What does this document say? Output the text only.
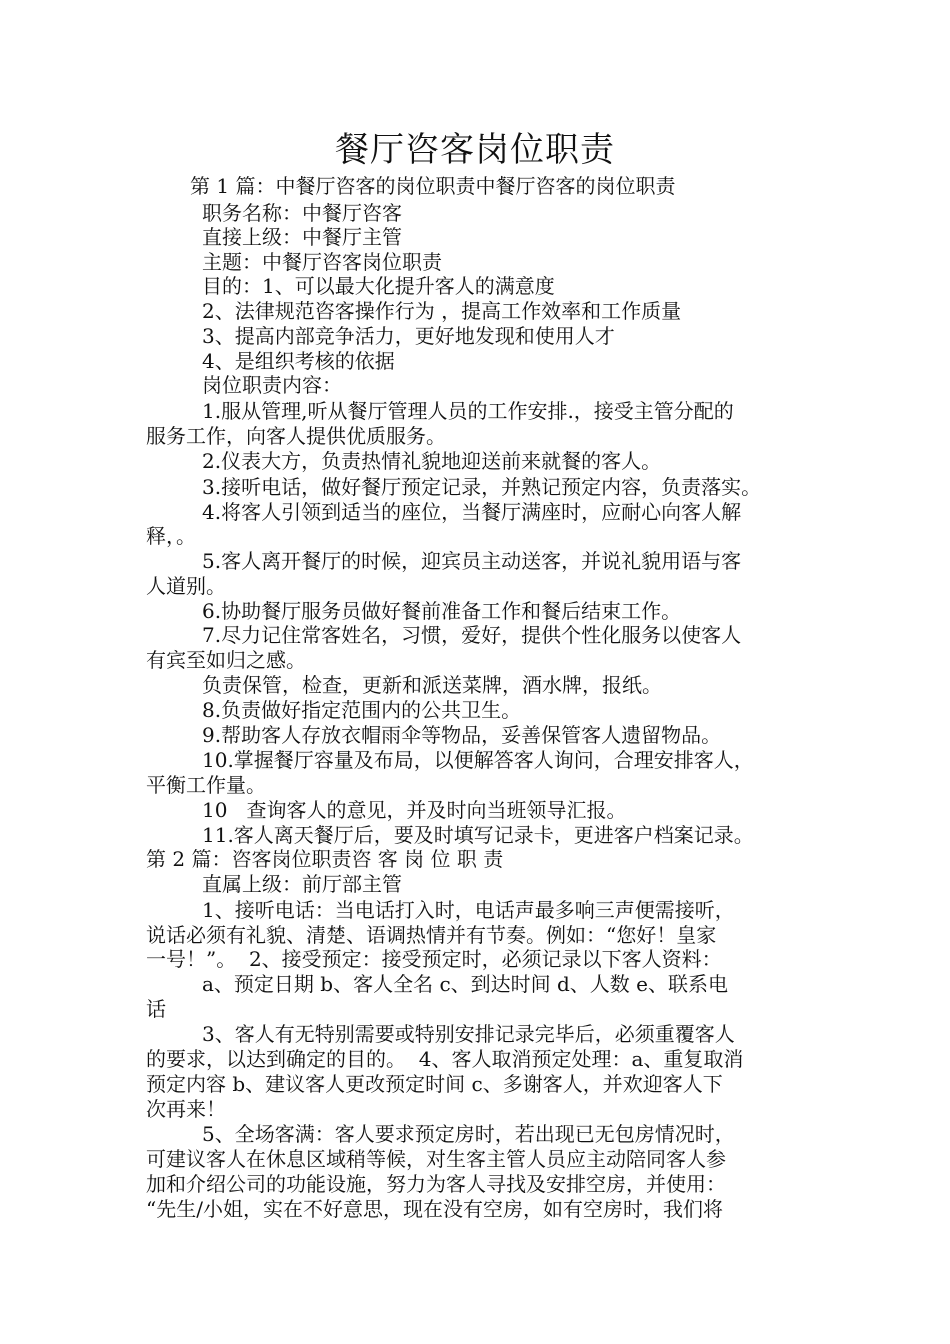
餐厅咨客岗位职责
第 1 篇：中餐厅咨客的岗位职责中餐厅咨客的岗位职责
职务名称：中餐厅咨客
直接上级：中餐厅主管
主题：中餐厅咨客岗位职责
目的：1、可以最大化提升客人的满意度
2、法律规范咨客操作行为 ，提高工作效率和工作质量
3、提高内部竞争活力，更好地发现和使用人才
4、是组织考核的依据
岗位职责内容：
1.服从管理,听从餐厅管理人员的工作安排.，接受主管分配的
服务工作，向客人提供优质服务。
2.仪表大方，负责热情礼貌地迎送前来就餐的客人。
3.接听电话，做好餐厅预定记录，并熟记预定内容，负责落实。
4.将客人引领到适当的座位，当餐厅满座时，应耐心向客人解
释，。
5.客人离开餐厅的时候，迎宾员主动送客，并说礼貌用语与客
人道别。
6.协助餐厅服务员做好餐前准备工作和餐后结束工作。
7.尽力记住常客姓名，习惯，爱好，提供个性化服务以使客人
有宾至如归之感。
负责保管，检查，更新和派送菜牌，酒水牌，报纸。
8.负责做好指定范围内的公共卫生。
9.帮助客人存放衣帽雨伞等物品，妥善保管客人遗留物品。
10.掌握餐厅容量及布局，以便解答客人询问，合理安排客人，
平衡工作量。
10   查询客人的意见，并及时向当班领导汇报。
11.客人离天餐厅后，要及时填写记录卡，更进客户档案记录。
第 2 篇：咨客岗位职责咨 客 岗 位 职 责
直属上级：前厅部主管
1、接听电话：当电话打入时，电话声最多响三声便需接听，
说话必须有礼貌、清楚、语调热情并有节奏。例如：“您好！皇家
一号！”。  2、接受预定：接受预定时，必须记录以下客人资料：
a、预定日期 b、客人全名 c、到达时间 d、人数 e、联系电
话
3、客人有无特别需要或特别安排记录完毕后，必须重覆客人
的要求，以达到确定的目的。  4、客人取消预定处理：a、重复取消
预定内容 b、建议客人更改预定时间 c、多谢客人，并欢迎客人下
次再来！
5、全场客满：客人要求预定房时，若出现已无包房情况时，
可建议客人在休息区域稍等候，对生客主管人员应主动陪同客人参
加和介绍公司的功能设施，努力为客人寻找及安排空房，并使用：
“先生/小姐，实在不好意思，现在没有空房，如有空房时，我们将
